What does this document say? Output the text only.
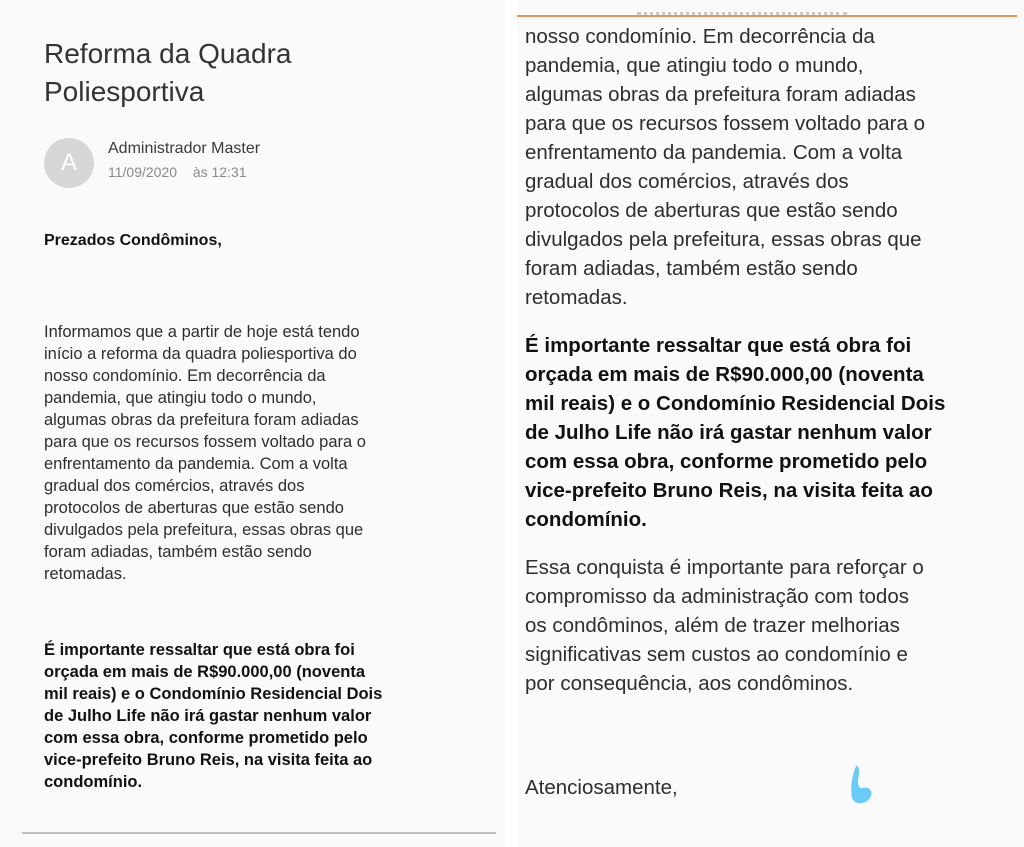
Reforma da Quadra
Poliesportiva
A
Administrador Master
11/09/2020 às 12:31
Prezados Condôminos,

Informamos que a partir de hoje está tendo
início a reforma da quadra poliesportiva do
nosso condomínio. Em decorrência da
pandemia, que atingiu todo o mundo,
algumas obras da prefeitura foram adiadas
para que os recursos fossem voltado para o
enfrentamento da pandemia. Com a volta
gradual dos comércios, através dos
protocolos de aberturas que estão sendo
divulgados pela prefeitura, essas obras que
foram adiadas, também estão sendo
retomadas.

É importante ressaltar que está obra foi
orçada em mais de R$90.000,00 (noventa
mil reais) e o Condomínio Residencial Dois
de Julho Life não irá gastar nenhum valor
com essa obra, conforme prometido pelo
vice-prefeito Bruno Reis, na visita feita ao
condomínio.

nosso condomínio. Em decorrência da
pandemia, que atingiu todo o mundo,
algumas obras da prefeitura foram adiadas
para que os recursos fossem voltado para o
enfrentamento da pandemia. Com a volta
gradual dos comércios, através dos
protocolos de aberturas que estão sendo
divulgados pela prefeitura, essas obras que
foram adiadas, também estão sendo
retomadas.

É importante ressaltar que está obra foi
orçada em mais de R$90.000,00 (noventa
mil reais) e o Condomínio Residencial Dois
de Julho Life não irá gastar nenhum valor
com essa obra, conforme prometido pelo
vice-prefeito Bruno Reis, na visita feita ao
condomínio.

Essa conquista é importante para reforçar o
compromisso da administração com todos
os condôminos, além de trazer melhorias
significativas sem custos ao condomínio e
por consequência, aos condôminos.

Atenciosamente,
